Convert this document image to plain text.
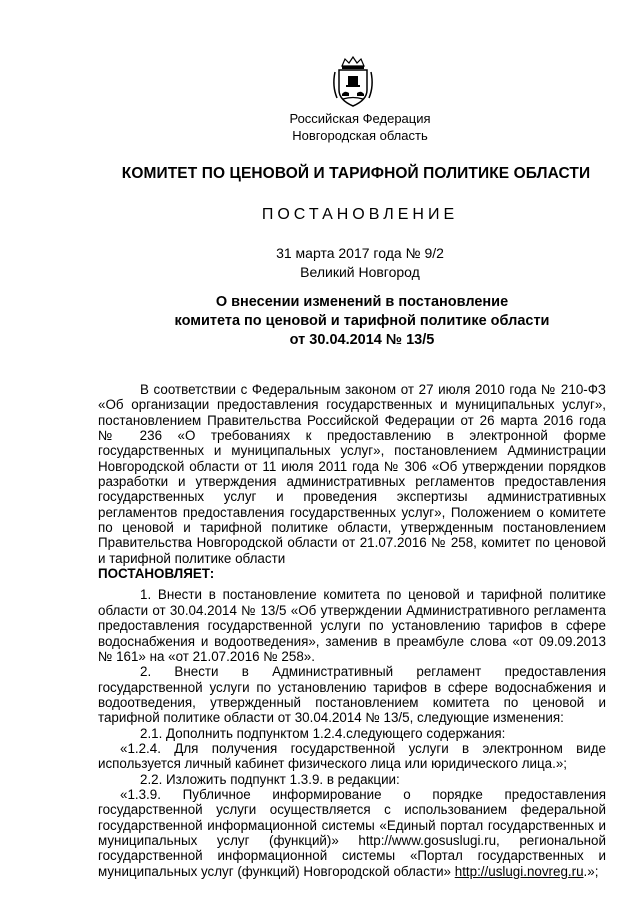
Российская Федерация
Новгородская область
КОМИТЕТ ПО ЦЕНОВОЙ И ТАРИФНОЙ ПОЛИТИКЕ ОБЛАСТИ
ПОСТАНОВЛЕНИЕ
31 марта 2017 года № 9/2
Великий Новгород
О внесении изменений в постановление
комитета по ценовой и тарифной политике области
от 30.04.2014 № 13/5

В соответствии с Федеральным законом от 27 июля 2010 года № 210-ФЗ «Об организации предоставления государственных и муниципальных услуг», постановлением Правительства Российской Федерации от 26 марта 2016 года № 236 «О требованиях к предоставлению в электронной форме государственных и муниципальных услуг», постановлением Администрации Новгородской области от 11 июля 2011 года № 306 «Об утверждении порядков разработки и утверждения административных регламентов предоставления государственных услуг и проведения экспертизы административных регламентов предоставления государственных услуг», Положением о комитете по ценовой и тарифной политике области, утвержденным постановлением Правительства Новгородской области от 21.07.2016 № 258, комитет по ценовой и тарифной политике области

ПОСТАНОВЛЯЕТ:

1. Внести в постановление комитета по ценовой и тарифной политике области от 30.04.2014 № 13/5 «Об утверждении Административного регламента предоставления государственной услуги по установлению тарифов в сфере водоснабжения и водоотведения», заменив в преамбуле слова «от 09.09.2013 № 161» на «от 21.07.2016 № 258».

2. Внести в Административный регламент предоставления государственной услуги по установлению тарифов в сфере водоснабжения и водоотведения, утвержденный постановлением комитета по ценовой и тарифной политике области от 30.04.2014 № 13/5, следующие изменения:

2.1. Дополнить подпунктом 1.2.4.следующего содержания:

«1.2.4. Для получения государственной услуги в электронном виде используется личный кабинет физического лица или юридического лица.»;

2.2. Изложить подпункт 1.3.9. в редакции:

«1.3.9. Публичное информирование о порядке предоставления государственной услуги осуществляется с использованием федеральной государственной информационной системы «Единый портал государственных и муниципальных услуг (функций)» http://www.gosuslugi.ru, региональной государственной информационной системы «Портал государственных и муниципальных услуг (функций) Новгородской области» http://uslugi.novreg.ru.»;
